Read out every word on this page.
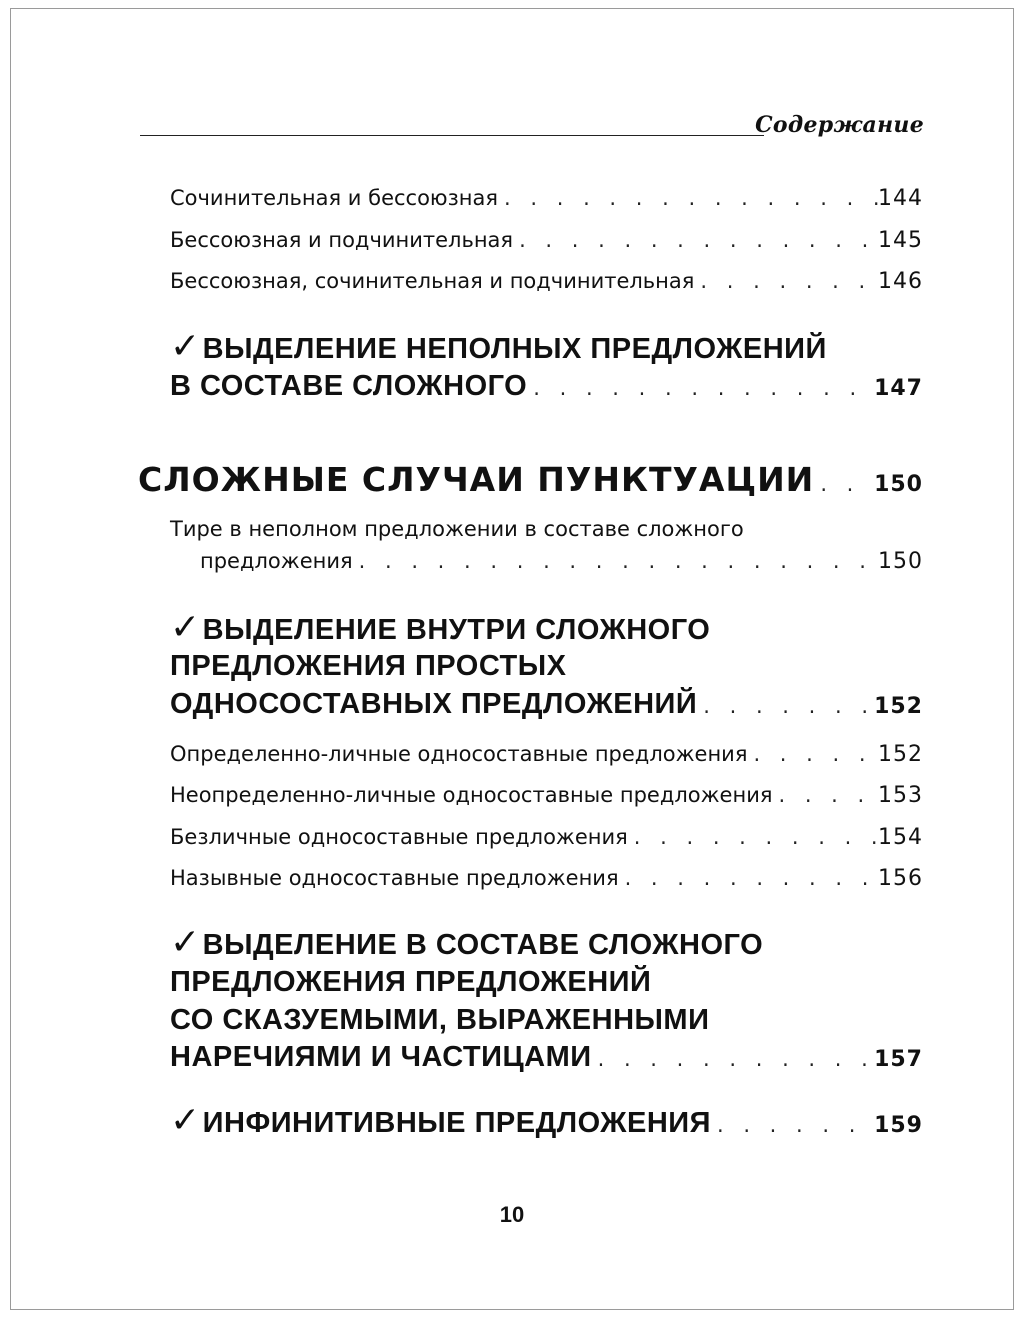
Содержание
Сочинительная и бессоюзная . . .	144
Бессоюзная и подчинительная . . .	145
Бессоюзная, сочинительная и подчинительная . . .	146
✓ВЫДЕЛЕНИЕ НЕПОЛНЫХ ПРЕДЛОЖЕНИЙ
В СОСТАВЕ СЛОЖНОГО . . .	147
СЛОЖНЫЕ СЛУЧАИ ПУНКТУАЦИИ . . .	150
Тире в неполном предложении в составе сложного
предложения . . .	150
✓ВЫДЕЛЕНИЕ ВНУТРИ СЛОЖНОГО
ПРЕДЛОЖЕНИЯ ПРОСТЫХ
ОДНОСОСТАВНЫХ ПРЕДЛОЖЕНИЙ . . .	152
Определенно-личные односоставные предложения . . .	152
Неопределенно-личные односоставные предложения . . .	153
Безличные односоставные предложения . . .	154
Назывные односоставные предложения . . .	156
✓ВЫДЕЛЕНИЕ В СОСТАВЕ СЛОЖНОГО
ПРЕДЛОЖЕНИЯ ПРЕДЛОЖЕНИЙ
СО СКАЗУЕМЫМИ, ВЫРАЖЕННЫМИ
НАРЕЧИЯМИ И ЧАСТИЦАМИ . . .	157
✓ИНФИНИТИВНЫЕ ПРЕДЛОЖЕНИЯ . . .	159
10
